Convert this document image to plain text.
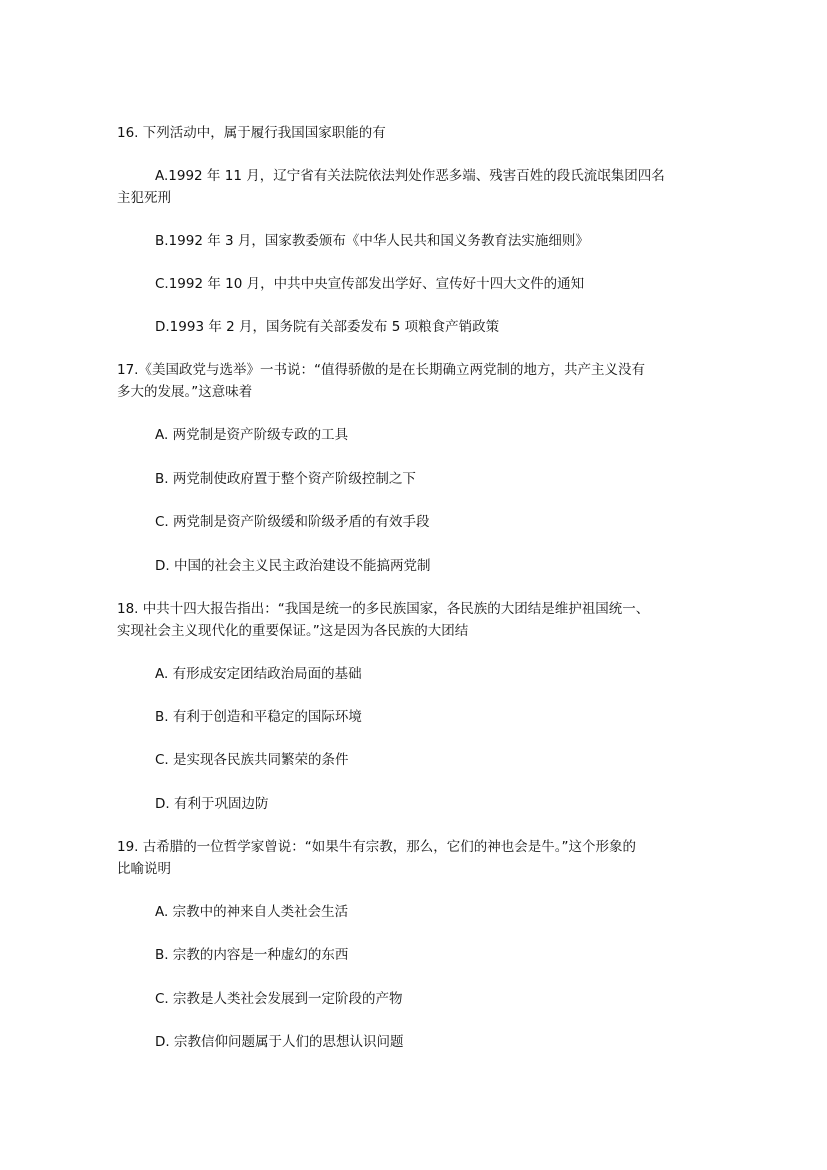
16. 下列活动中，属于履行我国国家职能的有
A.1992 年 11 月，辽宁省有关法院依法判处作恶多端、残害百姓的段氏流氓集团四名
主犯死刑
B.1992 年 3 月，国家教委颁布《中华人民共和国义务教育法实施细则》
C.1992 年 10 月，中共中央宣传部发出学好、宣传好十四大文件的通知
D.1993 年 2 月，国务院有关部委发布 5 项粮食产销政策
17.《美国政党与选举》一书说：“值得骄傲的是在长期确立两党制的地方，共产主义没有
多大的发展。”这意味着
A. 两党制是资产阶级专政的工具
B. 两党制使政府置于整个资产阶级控制之下
C. 两党制是资产阶级缓和阶级矛盾的有效手段
D. 中国的社会主义民主政治建设不能搞两党制
18. 中共十四大报告指出：“我国是统一的多民族国家，各民族的大团结是维护祖国统一、
实现社会主义现代化的重要保证。”这是因为各民族的大团结
A. 有形成安定团结政治局面的基础
B. 有利于创造和平稳定的国际环境
C. 是实现各民族共同繁荣的条件
D. 有利于巩固边防
19. 古希腊的一位哲学家曾说：“如果牛有宗教，那么，它们的神也会是牛。”这个形象的
比喻说明
A. 宗教中的神来自人类社会生活
B. 宗教的内容是一种虚幻的东西
C. 宗教是人类社会发展到一定阶段的产物
D. 宗教信仰问题属于人们的思想认识问题
